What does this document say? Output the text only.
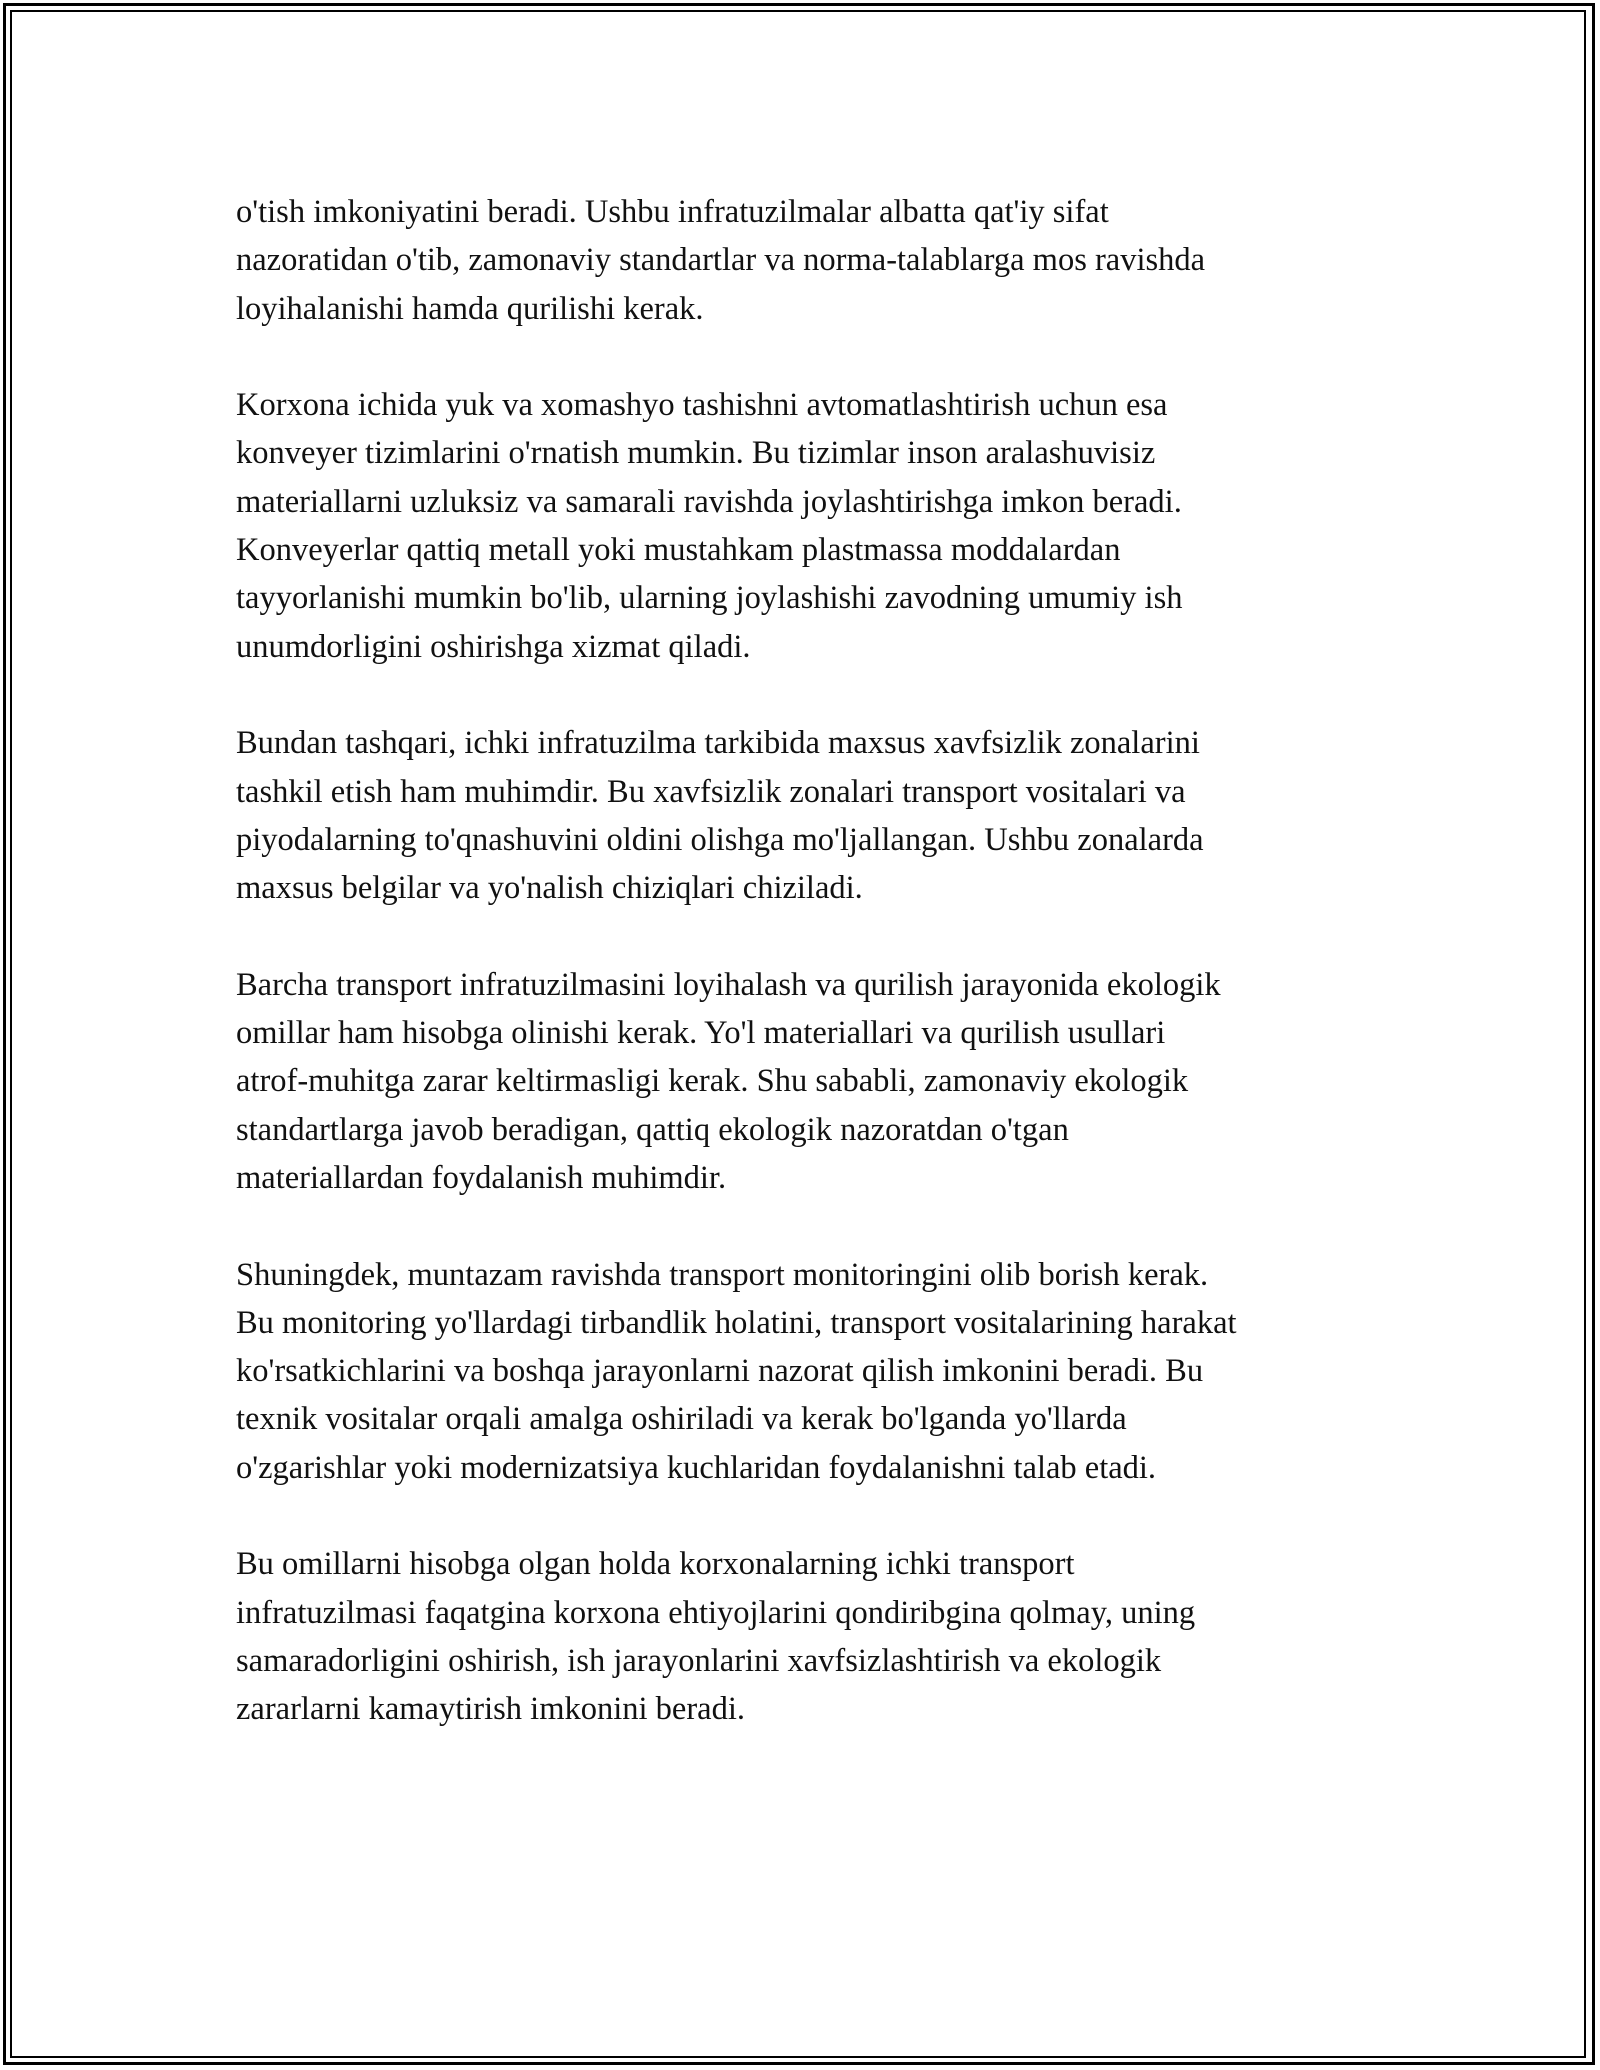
o'tish imkoniyatini beradi. Ushbu infratuzilmalar albatta qat'iy sifat
nazoratidan o'tib, zamonaviy standartlar va norma-talablarga mos ravishda
loyihalanishi hamda qurilishi kerak.

Korxona ichida yuk va xomashyo tashishni avtomatlashtirish uchun esa
konveyer tizimlarini o'rnatish mumkin. Bu tizimlar inson aralashuvisiz
materiallarni uzluksiz va samarali ravishda joylashtirishga imkon beradi.
Konveyerlar qattiq metall yoki mustahkam plastmassa moddalardan
tayyorlanishi mumkin bo'lib, ularning joylashishi zavodning umumiy ish
unumdorligini oshirishga xizmat qiladi.

Bundan tashqari, ichki infratuzilma tarkibida maxsus xavfsizlik zonalarini
tashkil etish ham muhimdir. Bu xavfsizlik zonalari transport vositalari va
piyodalarning to'qnashuvini oldini olishga mo'ljallangan. Ushbu zonalarda
maxsus belgilar va yo'nalish chiziqlari chiziladi.

Barcha transport infratuzilmasini loyihalash va qurilish jarayonida ekologik
omillar ham hisobga olinishi kerak. Yo'l materiallari va qurilish usullari
atrof-muhitga zarar keltirmasligi kerak. Shu sababli, zamonaviy ekologik
standartlarga javob beradigan, qattiq ekologik nazoratdan o'tgan
materiallardan foydalanish muhimdir.

Shuningdek, muntazam ravishda transport monitoringini olib borish kerak.
Bu monitoring yo'llardagi tirbandlik holatini, transport vositalarining harakat
ko'rsatkichlarini va boshqa jarayonlarni nazorat qilish imkonini beradi. Bu
texnik vositalar orqali amalga oshiriladi va kerak bo'lganda yo'llarda
o'zgarishlar yoki modernizatsiya kuchlaridan foydalanishni talab etadi.

Bu omillarni hisobga olgan holda korxonalarning ichki transport
infratuzilmasi faqatgina korxona ehtiyojlarini qondiribgina qolmay, uning
samaradorligini oshirish, ish jarayonlarini xavfsizlashtirish va ekologik
zararlarni kamaytirish imkonini beradi.
